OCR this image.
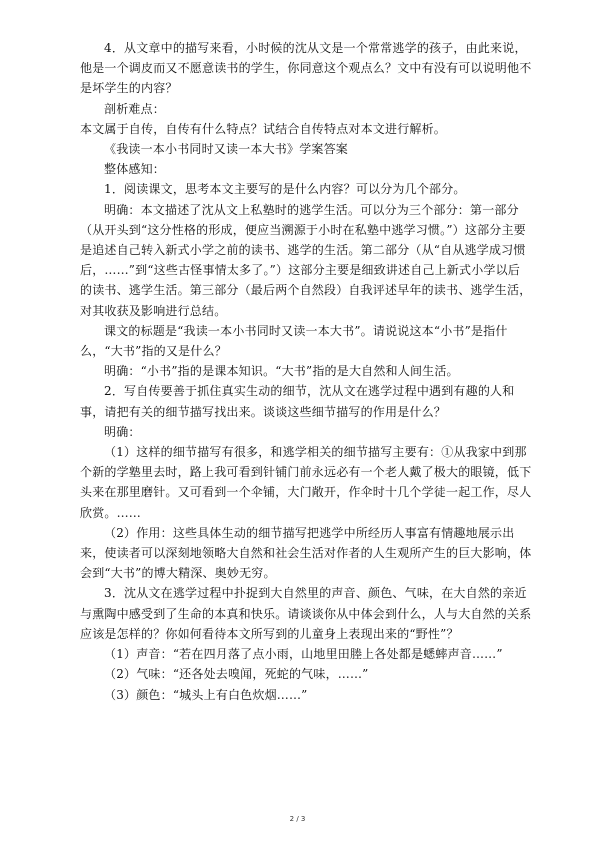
4．从文章中的描写来看，小时候的沈从文是一个常常逃学的孩子，由此来说，他是一个调皮而又不愿意读书的学生，你同意这个观点么？文中有没有可以说明他不是坏学生的内容？

剖析难点：

本文属于自传，自传有什么特点？试结合自传特点对本文进行解析。

《我读一本小书同时又读一本大书》学案答案

整体感知：

1．阅读课文，思考本文主要写的是什么内容？可以分为几个部分。

明确：本文描述了沈从文上私塾时的逃学生活。可以分为三个部分：第一部分（从开头到“这分性格的形成，便应当溯源于小时在私塾中逃学习惯。”）这部分主要是追述自己转入新式小学之前的读书、逃学的生活。第二部分（从“自从逃学成习惯后，……”到“这些古怪事情太多了。”）这部分主要是细致讲述自己上新式小学以后的读书、逃学生活。第三部分（最后两个自然段）自我评述早年的读书、逃学生活，对其收获及影响进行总结。

课文的标题是“我读一本小书同时又读一本大书”。请说说这本“小书”是指什么，“大书”指的又是什么？

明确：“小书”指的是课本知识。“大书”指的是大自然和人间生活。

2．写自传要善于抓住真实生动的细节，沈从文在逃学过程中遇到有趣的人和事，请把有关的细节描写找出来。谈谈这些细节描写的作用是什么？

明确：

（1）这样的细节描写有很多，和逃学相关的细节描写主要有：①从我家中到那个新的学塾里去时，路上我可看到针铺门前永远必有一个老人戴了极大的眼镜，低下头来在那里磨针。又可看到一个伞铺，大门敞开，作伞时十几个学徒一起工作，尽人欣赏。……

（2）作用：这些具体生动的细节描写把逃学中所经历人事富有情趣地展示出来，使读者可以深刻地领略大自然和社会生活对作者的人生观所产生的巨大影响，体会到“大书”的博大精深、奥妙无穷。

3．沈从文在逃学过程中扑捉到大自然里的声音、颜色、气味，在大自然的亲近与熏陶中感受到了生命的本真和快乐。请谈谈你从中体会到什么，人与大自然的关系应该是怎样的？你如何看待本文所写到的儿童身上表现出来的“野性”？

（1）声音：“若在四月落了点小雨，山地里田塍上各处都是蟋蟀声音……”

（2）气味：“还各处去嗅闻，死蛇的气味，……”

（3）颜色：“城头上有白色炊烟……”

2 / 3
